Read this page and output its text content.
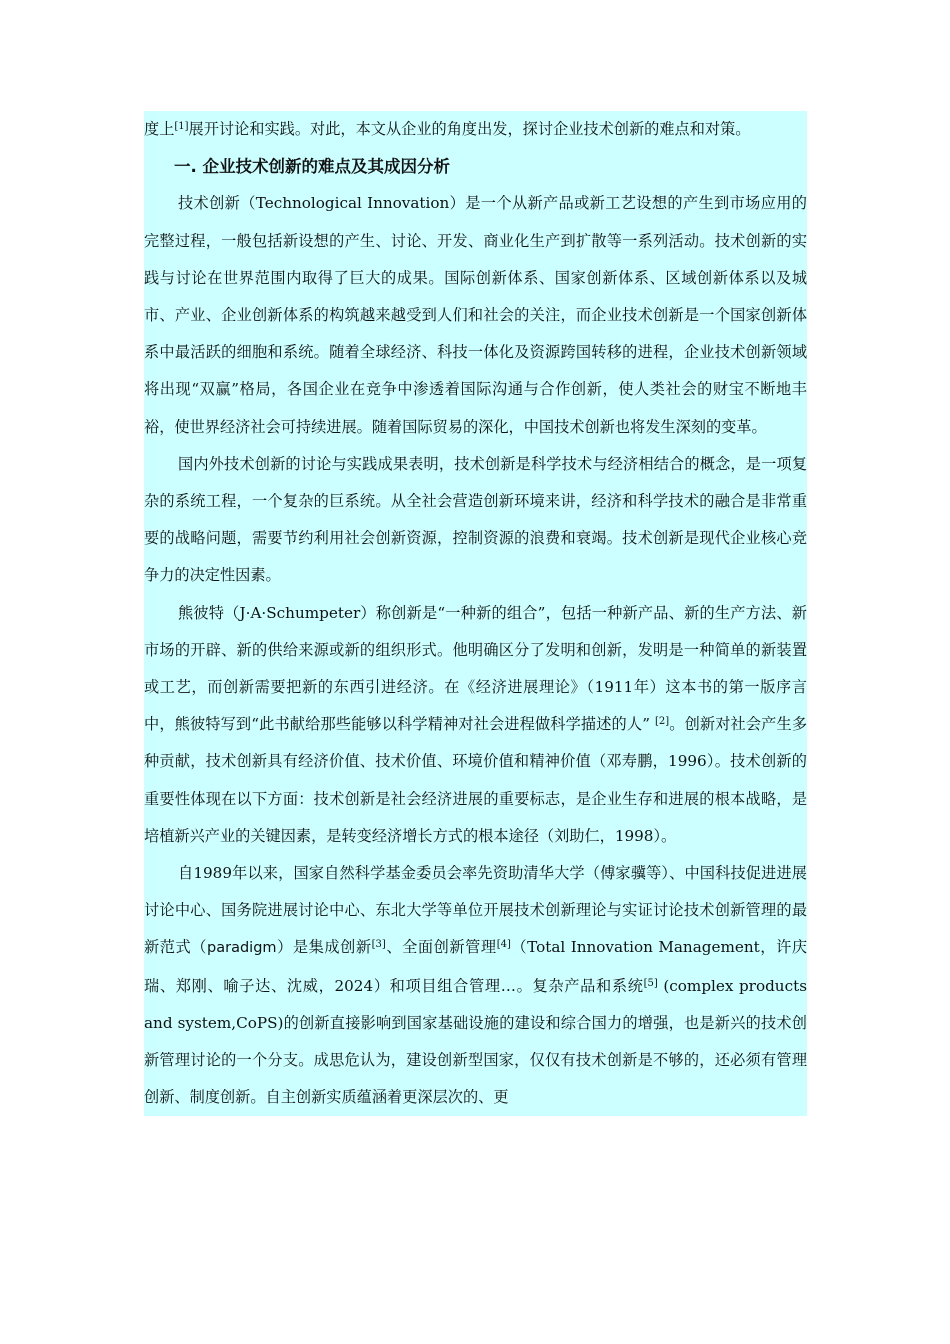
度上[1]展开讨论和实践。对此，本文从企业的角度出发，探讨企业技术创新的难点和对策。

一. 企业技术创新的难点及其成因分析

技术创新（Technological Innovation）是一个从新产品或新工艺设想的产生到市场应用的完整过程，一般包括新设想的产生、讨论、开发、商业化生产到扩散等一系列活动。技术创新的实践与讨论在世界范围内取得了巨大的成果。国际创新体系、国家创新体系、区域创新体系以及城市、产业、企业创新体系的构筑越来越受到人们和社会的关注，而企业技术创新是一个国家创新体系中最活跃的细胞和系统。随着全球经济、科技一体化及资源跨国转移的进程，企业技术创新领域将出现“双赢”格局，各国企业在竞争中渗透着国际沟通与合作创新，使人类社会的财宝不断地丰裕，使世界经济社会可持续进展。随着国际贸易的深化，中国技术创新也将发生深刻的变革。

国内外技术创新的讨论与实践成果表明，技术创新是科学技术与经济相结合的概念，是一项复杂的系统工程，一个复杂的巨系统。从全社会营造创新环境来讲，经济和科学技术的融合是非常重要的战略问题，需要节约利用社会创新资源，控制资源的浪费和衰竭。技术创新是现代企业核心竞争力的决定性因素。

熊彼特（J·A·Schumpeter）称创新是“一种新的组合”，包括一种新产品、新的生产方法、新市场的开辟、新的供给来源或新的组织形式。他明确区分了发明和创新，发明是一种简单的新装置或工艺，而创新需要把新的东西引进经济。在《经济进展理论》（1911年）这本书的第一版序言中，熊彼特写到“此书献给那些能够以科学精神对社会进程做科学描述的人” [2]。创新对社会产生多种贡献，技术创新具有经济价值、技术价值、环境价值和精神价值（邓寿鹏，1996）。技术创新的重要性体现在以下方面：技术创新是社会经济进展的重要标志，是企业生存和进展的根本战略，是培植新兴产业的关键因素，是转变经济增长方式的根本途径（刘助仁，1998）。

自1989年以来，国家自然科学基金委员会率先资助清华大学（傅家骥等）、中国科技促进进展讨论中心、国务院进展讨论中心、东北大学等单位开展技术创新理论与实证讨论技术创新管理的最新范式（paradigm）是集成创新[3]、全面创新管理[4]（Total Innovation Management，许庆瑞、郑刚、喻子达、沈威，2024）和项目组合管理…。复杂产品和系统[5] (complex products and system,CoPS)的创新直接影响到国家基础设施的建设和综合国力的增强，也是新兴的技术创新管理讨论的一个分支。成思危认为，建设创新型国家，仅仅有技术创新是不够的，还必须有管理创新、制度创新。自主创新实质蕴涵着更深层次的、更
